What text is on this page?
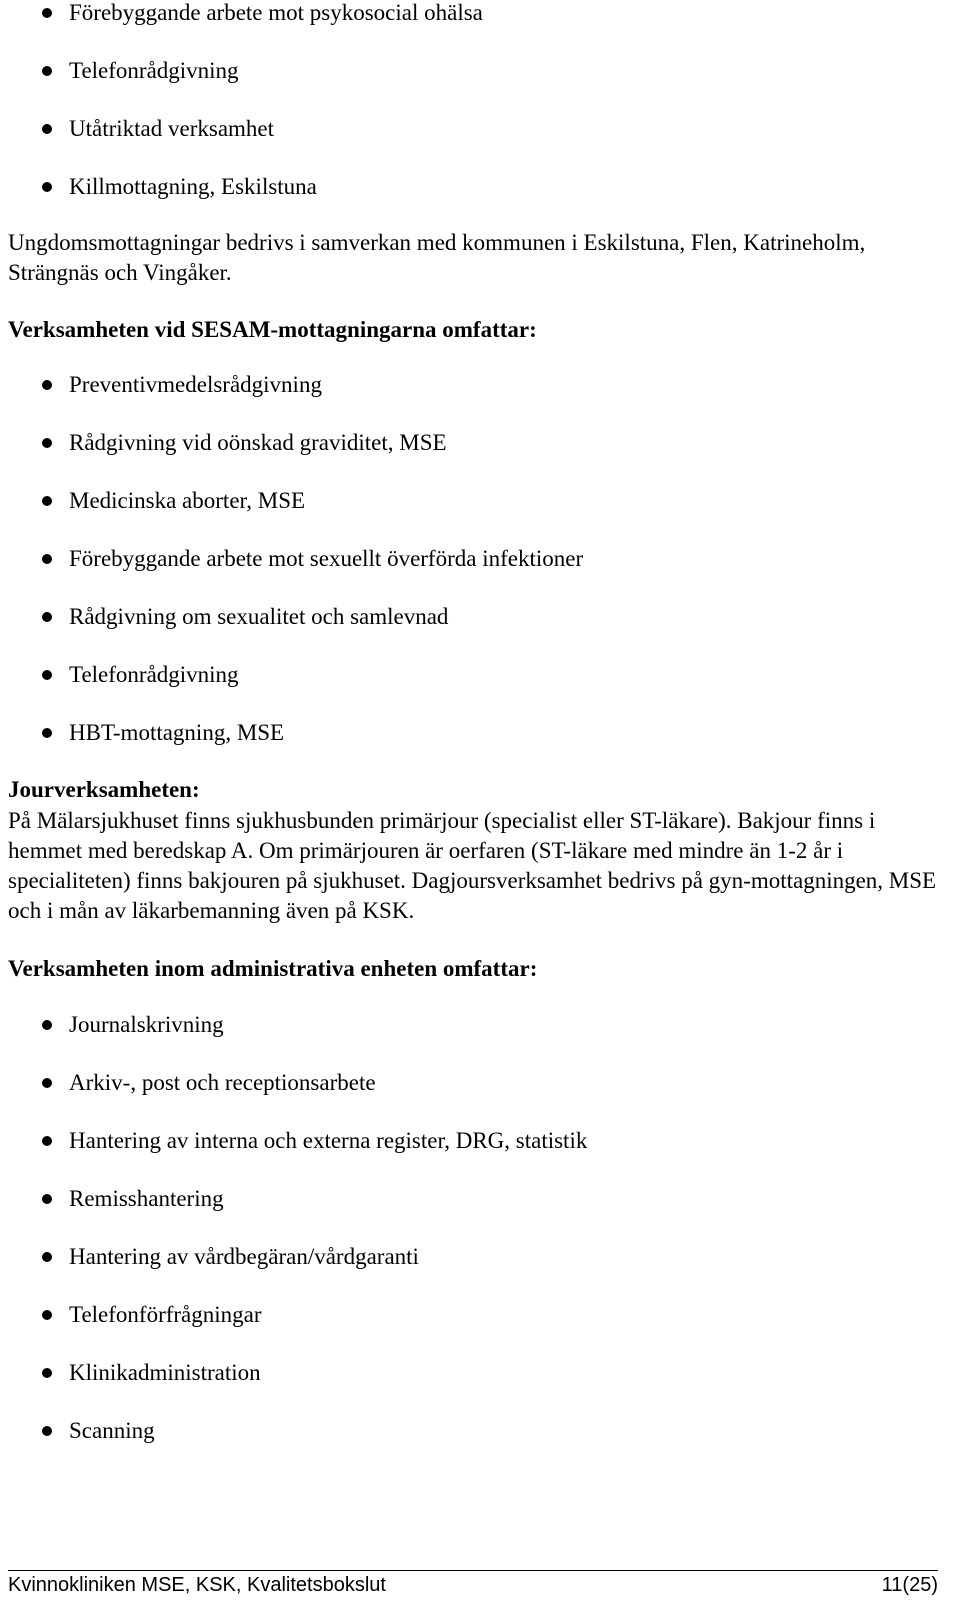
Förebyggande arbete mot psykosocial ohälsa
Telefonrådgivning
Utåtriktad verksamhet
Killmottagning, Eskilstuna

Ungdomsmottagningar bedrivs i samverkan med kommunen i Eskilstuna, Flen, Katrineholm, Strängnäs och Vingåker.

Verksamheten vid SESAM-mottagningarna omfattar:
Preventivmedelsrådgivning
Rådgivning vid oönskad graviditet, MSE
Medicinska aborter, MSE
Förebyggande arbete mot sexuellt överförda infektioner
Rådgivning om sexualitet och samlevnad
Telefonrådgivning
HBT-mottagning, MSE
Jourverksamheten:

På Mälarsjukhuset finns sjukhusbunden primärjour (specialist eller ST-läkare). Bakjour finns i hemmet med beredskap A. Om primärjouren är oerfaren (ST-läkare med mindre än 1-2 år i specialiteten) finns bakjouren på sjukhuset. Dagjoursverksamhet bedrivs på gyn-mottagningen, MSE och i mån av läkarbemanning även på KSK.

Verksamheten inom administrativa enheten omfattar:
Journalskrivning
Arkiv-, post och receptionsarbete
Hantering av interna och externa register, DRG, statistik
Remisshantering
Hantering av vårdbegäran/vårdgaranti
Telefonförfrågningar
Klinikadministration
Scanning
Kvinnokliniken MSE, KSK, Kvalitetsbokslut	11(25)
